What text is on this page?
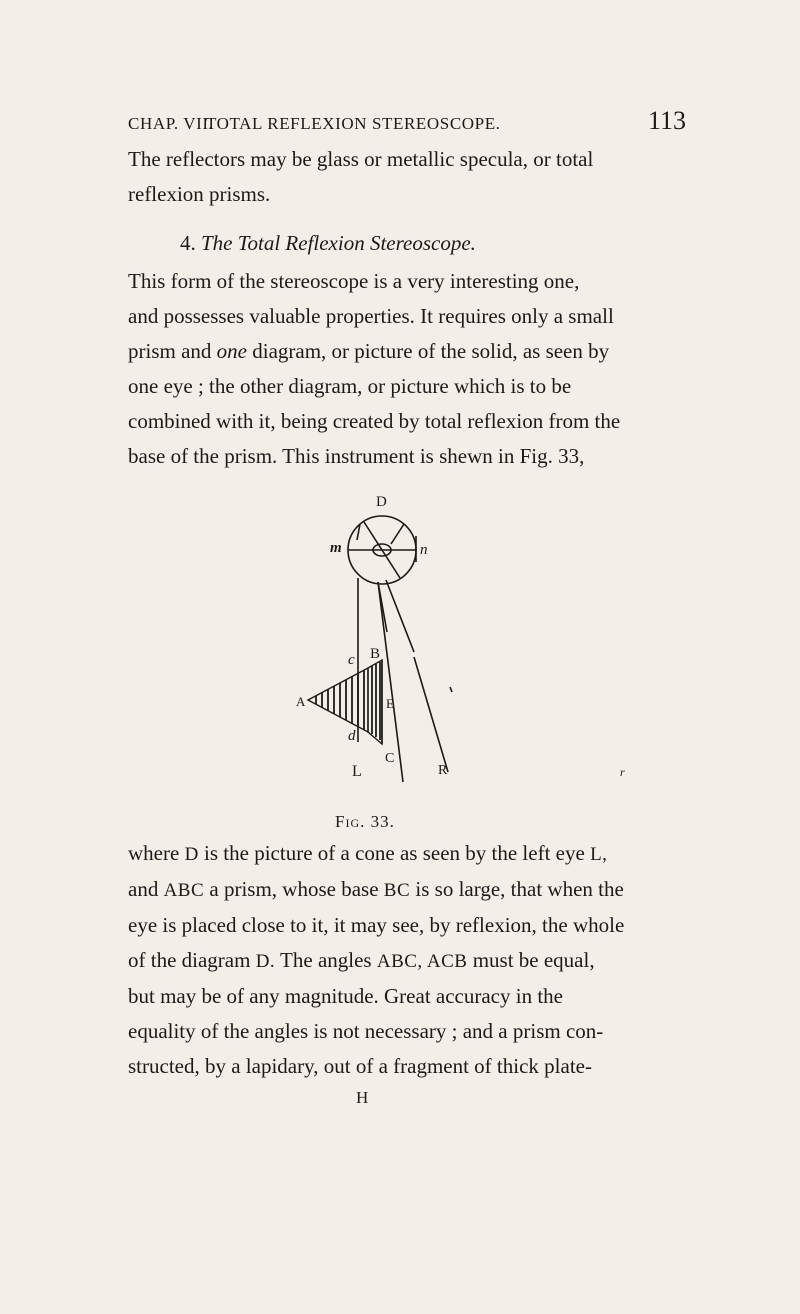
CHAP. VII.
TOTAL REFLEXION STEREOSCOPE.	113

The reflectors may be glass or metallic specula, or total
reflexion prisms.

4. The Total Reflexion Stereoscope.

This form of the stereoscope is a very interesting one,
and possesses valuable properties. It requires only a small
prism and one diagram, or picture of the solid, as seen by
one eye ; the other diagram, or picture which is to be
combined with it, being created by total reflexion from the
base of the prism. This instrument is shewn in Fig. 33,

D
m	n
A
B
c
d
E
C
L	R	r
Fig. 33.

where D is the picture of a cone as seen by the left eye L,
and ABC a prism, whose base BC is so large, that when the
eye is placed close to it, it may see, by reflexion, the whole
of the diagram D. The angles ABC, ACB must be equal,
but may be of any magnitude. Great accuracy in the
equality of the angles is not necessary ; and a prism con-
structed, by a lapidary, out of a fragment of thick plate-

H
